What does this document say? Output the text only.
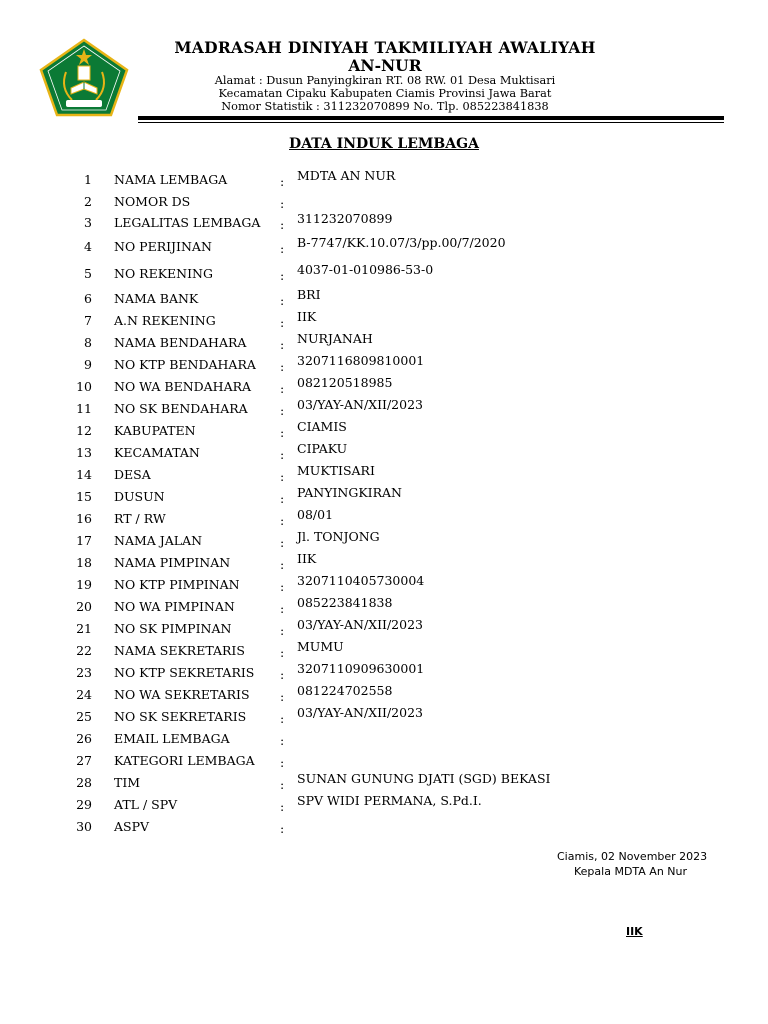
MADRASAH DINIYAH TAKMILIYAH AWALIYAH
AN-NUR
Alamat : Dusun Panyingkiran RT. 08 RW. 01 Desa Muktisari
Kecamatan Cipaku Kabupaten Ciamis Provinsi Jawa Barat
Nomor Statistik : 311232070899 No. Tlp. 085223841838
DATA INDUK LEMBAGA
1 NAMA LEMBAGA	: MDTA AN NUR
2 NOMOR DS	:
3 LEGALITAS LEMBAGA : 311232070899
4 NO PERIJINAN	: B-7747/KK.10.07/3/pp.00/7/2020
5 NO REKENING	: 4037-01-010986-53-0
6 NAMA BANK	: BRI
7 A.N REKENING	: IIK
8 NAMA BENDAHARA	: NURJANAH
9 NO KTP BENDAHARA : 3207116809810001
10 NO WA BENDAHARA : 082120518985
11 NO SK BENDAHARA	: 03/YAY-AN/XII/2023
12 KABUPATEN	: CIAMIS
13 KECAMATAN	: CIPAKU
14 DESA	: MUKTISARI
15 DUSUN	: PANYINGKIRAN
16 RT / RW	: 08/01
17 NAMA JALAN	: Jl. TONJONG
18 NAMA PIMPINAN	: IIK
19 NO KTP PIMPINAN	: 3207110405730004
20 NO WA PIMPINAN	: 085223841838
21 NO SK PIMPINAN	: 03/YAY-AN/XII/2023
22 NAMA SEKRETARIS	: MUMU
23 NO KTP SEKRETARIS : 3207110909630001
24 NO WA SEKRETARIS : 081224702558
25 NO SK SEKRETARIS	: 03/YAY-AN/XII/2023
26 EMAIL LEMBAGA	:
27 KATEGORI LEMBAGA :
28 TIM	: SUNAN GUNUNG DJATI (SGD) BEKASI
29 ATL / SPV	: SPV WIDI PERMANA, S.Pd.I.
30 ASPV	:
Ciamis, 02 November 2023
Kepala MDTA An Nur
IIK
